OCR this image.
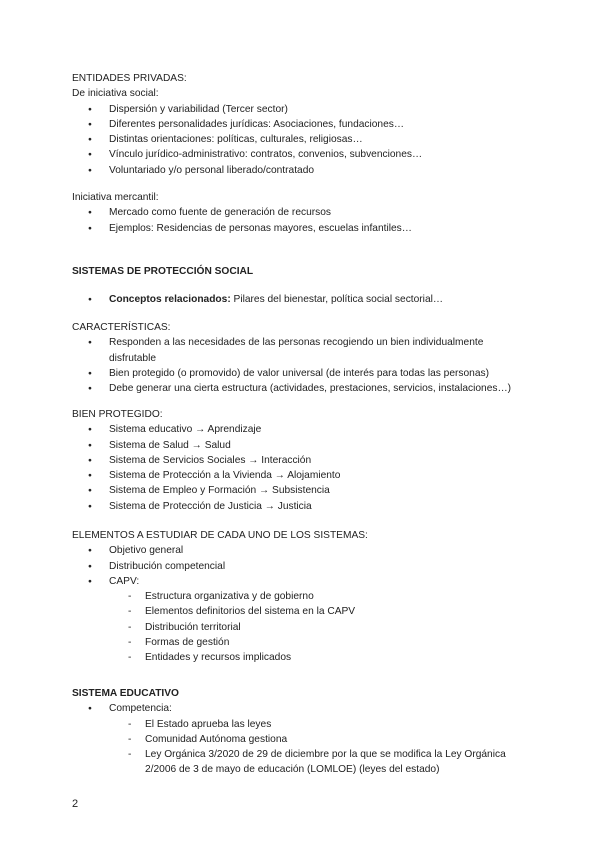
ENTIDADES PRIVADAS:
De iniciativa social:
● Dispersión y variabilidad (Tercer sector)
● Diferentes personalidades jurídicas: Asociaciones, fundaciones…
● Distintas orientaciones: políticas, culturales, religiosas…
● Vínculo jurídico-administrativo: contratos, convenios, subvenciones…
● Voluntariado y/o personal liberado/contratado
Iniciativa mercantil:
● Mercado como fuente de generación de recursos
● Ejemplos: Residencias de personas mayores, escuelas infantiles…
SISTEMAS DE PROTECCIÓN SOCIAL
● Conceptos relacionados: Pilares del bienestar, política social sectorial…
CARACTERÍSTICAS:
● Responden a las necesidades de las personas recogiendo un bien individualmente
disfrutable
● Bien protegido (o promovido) de valor universal (de interés para todas las personas)
● Debe generar una cierta estructura (actividades, prestaciones, servicios, instalaciones…)
BIEN PROTEGIDO:
● Sistema educativo → Aprendizaje
● Sistema de Salud → Salud
● Sistema de Servicios Sociales → Interacción
● Sistema de Protección a la Vivienda → Alojamiento
● Sistema de Empleo y Formación → Subsistencia
● Sistema de Protección de Justicia → Justicia
ELEMENTOS A ESTUDIAR DE CADA UNO DE LOS SISTEMAS:
● Objetivo general
● Distribución competencial
● CAPV:
- Estructura organizativa y de gobierno
- Elementos definitorios del sistema en la CAPV
- Distribución territorial
- Formas de gestión
- Entidades y recursos implicados
SISTEMA EDUCATIVO
● Competencia:
- El Estado aprueba las leyes
- Comunidad Autónoma gestiona
- Ley Orgánica 3/2020 de 29 de diciembre por la que se modifica la Ley Orgánica
2/2006 de 3 de mayo de educación (LOMLOE) (leyes del estado)
2
